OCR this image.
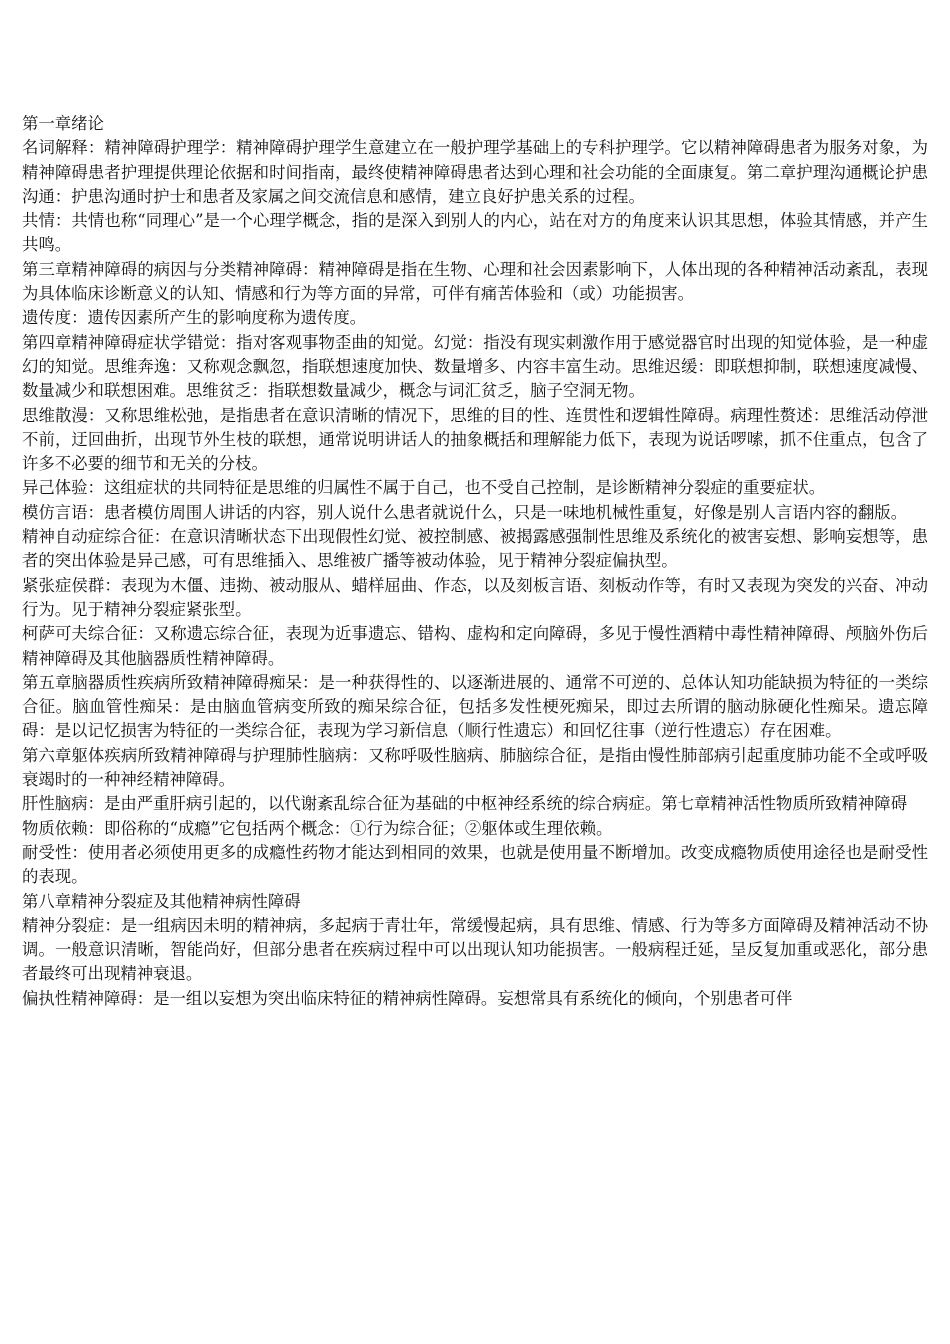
第一章绪论

名词解释：精神障碍护理学：精神障碍护理学生意建立在一般护理学基础上的专科护理学。它以精神障碍患者为服务对象，为精神障碍患者护理提供理论依据和时间指南，最终使精神障碍患者达到心理和社会功能的全面康复。第二章护理沟通概论护患沟通：护患沟通时护士和患者及家属之间交流信息和感情，建立良好护患关系的过程。

共情：共情也称“同理心”是一个心理学概念，指的是深入到别人的内心，站在对方的角度来认识其思想，体验其情感，并产生共鸣。

第三章精神障碍的病因与分类精神障碍：精神障碍是指在生物、心理和社会因素影响下，人体出现的各种精神活动紊乱，表现为具体临床诊断意义的认知、情感和行为等方面的异常，可伴有痛苦体验和（或）功能损害。

遗传度：遗传因素所产生的影响度称为遗传度。

第四章精神障碍症状学错觉：指对客观事物歪曲的知觉。幻觉：指没有现实刺激作用于感觉器官时出现的知觉体验，是一种虚幻的知觉。思维奔逸：又称观念飘忽，指联想速度加快、数量增多、内容丰富生动。思维迟缓：即联想抑制，联想速度减慢、数量减少和联想困难。思维贫乏：指联想数量减少，概念与词汇贫乏，脑子空洞无物。

思维散漫：又称思维松弛，是指患者在意识清晰的情况下，思维的目的性、连贯性和逻辑性障碍。病理性赘述：思维活动停泄不前，迂回曲折，出现节外生枝的联想，通常说明讲话人的抽象概括和理解能力低下，表现为说话啰嗦，抓不住重点，包含了许多不必要的细节和无关的分枝。

异己体验：这组症状的共同特征是思维的归属性不属于自己，也不受自己控制，是诊断精神分裂症的重要症状。

模仿言语：患者模仿周围人讲话的内容，别人说什么患者就说什么，只是一味地机械性重复，好像是别人言语内容的翻版。

精神自动症综合征：在意识清晰状态下出现假性幻觉、被控制感、被揭露感强制性思维及系统化的被害妄想、影响妄想等，患者的突出体验是异己感，可有思维插入、思维被广播等被动体验，见于精神分裂症偏执型。

紧张症侯群：表现为木僵、违拗、被动服从、蜡样屈曲、作态，以及刻板言语、刻板动作等，有时又表现为突发的兴奋、冲动行为。见于精神分裂症紧张型。

柯萨可夫综合征：又称遗忘综合征，表现为近事遗忘、错构、虚构和定向障碍，多见于慢性酒精中毒性精神障碍、颅脑外伤后精神障碍及其他脑器质性精神障碍。

第五章脑器质性疾病所致精神障碍痴呆：是一种获得性的、以逐渐进展的、通常不可逆的、总体认知功能缺损为特征的一类综合征。脑血管性痴呆：是由脑血管病变所致的痴呆综合征，包括多发性梗死痴呆，即过去所谓的脑动脉硬化性痴呆。遗忘障碍：是以记忆损害为特征的一类综合征，表现为学习新信息（顺行性遗忘）和回忆往事（逆行性遗忘）存在困难。

第六章躯体疾病所致精神障碍与护理肺性脑病：又称呼吸性脑病、肺脑综合征，是指由慢性肺部病引起重度肺功能不全或呼吸衰竭时的一种神经精神障碍。

肝性脑病：是由严重肝病引起的，以代谢紊乱综合征为基础的中枢神经系统的综合病症。第七章精神活性物质所致精神障碍

物质依赖：即俗称的“成瘾”它包括两个概念：①行为综合征；②躯体或生理依赖。

耐受性：使用者必须使用更多的成瘾性药物才能达到相同的效果，也就是使用量不断增加。改变成瘾物质使用途径也是耐受性的表现。

第八章精神分裂症及其他精神病性障碍

精神分裂症：是一组病因未明的精神病，多起病于青壮年，常缓慢起病，具有思维、情感、行为等多方面障碍及精神活动不协调。一般意识清晰，智能尚好，但部分患者在疾病过程中可以出现认知功能损害。一般病程迁延，呈反复加重或恶化，部分患者最终可出现精神衰退。

偏执性精神障碍：是一组以妄想为突出临床特征的精神病性障碍。妄想常具有系统化的倾向，个别患者可伴
